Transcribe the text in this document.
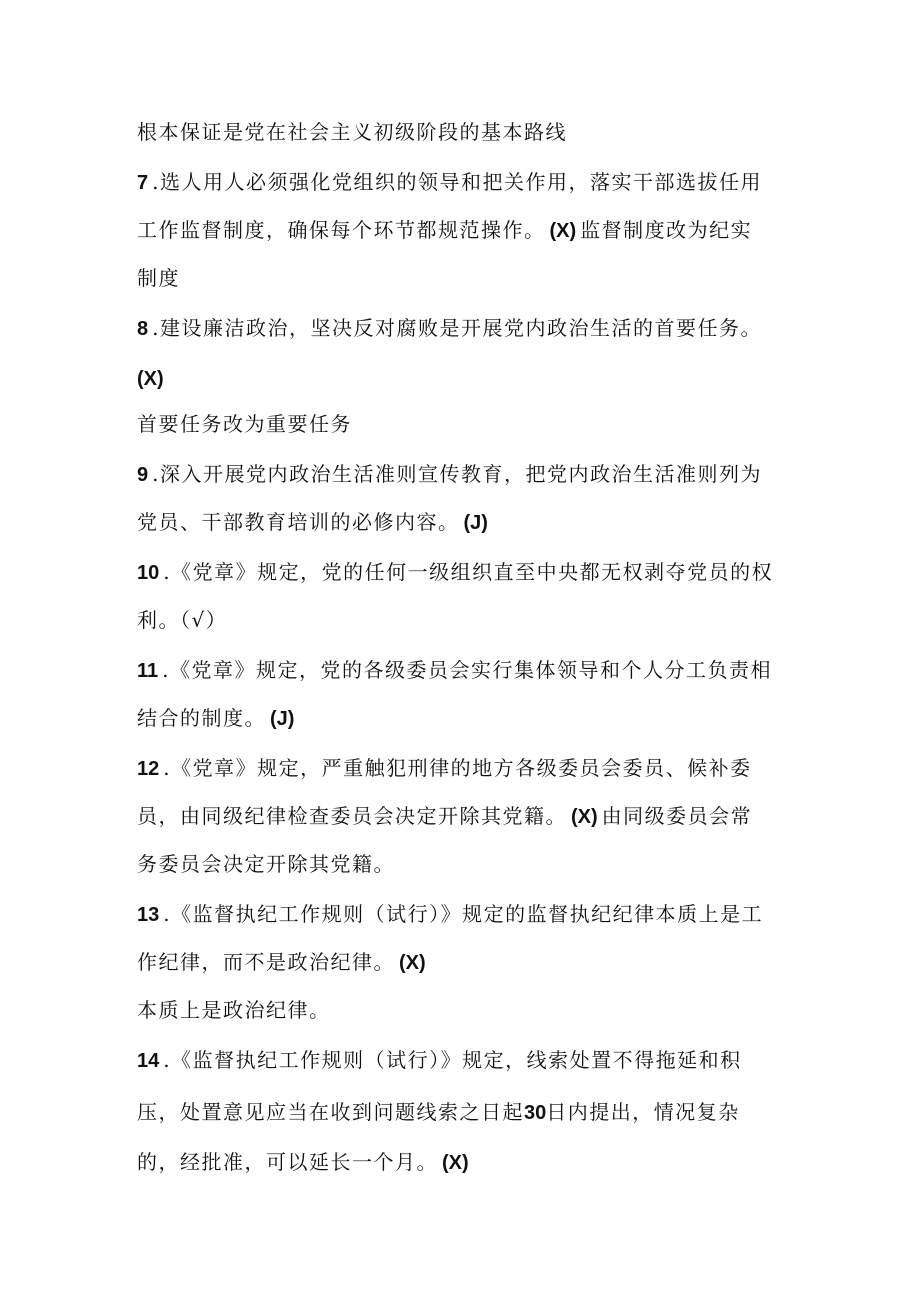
根本保证是党在社会主义初级阶段的基本路线
7 .选人用人必须强化党组织的领导和把关作用，落实干部选拔任用
工作监督制度，确保每个环节都规范操作。 (X) 监督制度改为纪实
制度
8 .建设廉洁政治，坚决反对腐败是开展党内政治生活的首要任务。
(X)
首要任务改为重要任务
9 .深入开展党内政治生活准则宣传教育，把党内政治生活准则列为
党员、干部教育培训的必修内容。 (J)
10 .《党章》规定，党的任何一级组织直至中央都无权剥夺党员的权
利。（√）
11 .《党章》规定，党的各级委员会实行集体领导和个人分工负责相
结合的制度。 (J)
12 .《党章》规定，严重触犯刑律的地方各级委员会委员、候补委
员，由同级纪律检查委员会决定开除其党籍。 (X) 由同级委员会常
务委员会决定开除其党籍。
13 .《监督执纪工作规则（试行）》规定的监督执纪纪律本质上是工
作纪律，而不是政治纪律。 (X)
本质上是政治纪律。
14 .《监督执纪工作规则（试行）》规定，线索处置不得拖延和积
压，处置意见应当在收到问题线索之日起30日内提出，情况复杂
的，经批准，可以延长一个月。 (X)
